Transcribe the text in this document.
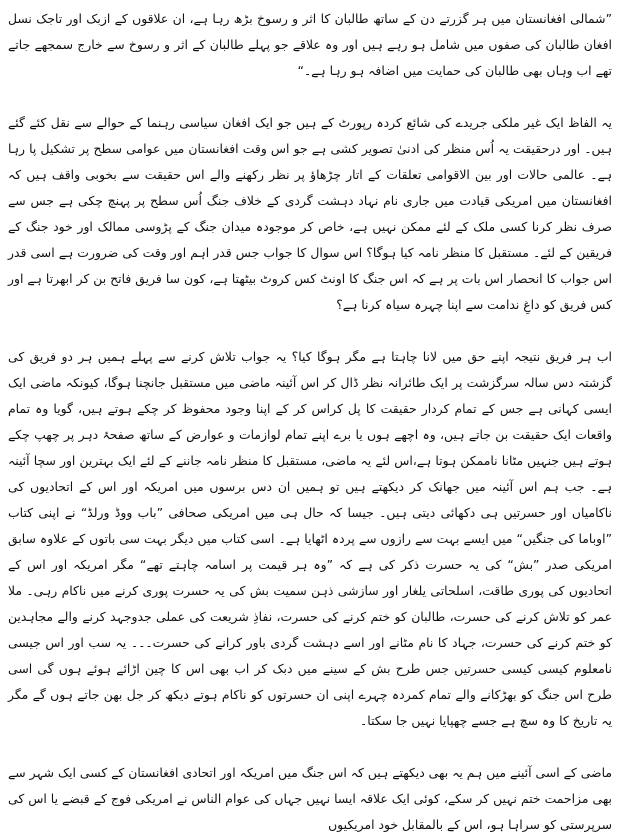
”شمالی افغانستان میں ہر گزرتے دن کے ساتھ طالبان کا اثر و رسوخ بڑھ رہا ہے، ان علاقوں کے ازبک اور تاجک نسل افغان طالبان کی صفوں میں شامل ہو رہے ہیں اور وہ علاقے جو پہلے طالبان کے اثر و رسوخ سے خارج سمجھے جاتے تھے اب وہاں بھی طالبان کی حمایت میں اضافہ ہو رہا ہے۔“

یہ الفاظ ایک غیر ملکی جریدے کی شائع کردہ رپورٹ کے ہیں جو ایک افغان سیاسی رہنما کے حوالے سے نقل کئے گئے ہیں۔ اور درحقیقت یہ اُس منظر کی ادنیٰ تصویر کشی ہے جو اس وقت افغانستان میں عوامی سطح پر تشکیل پا رہا ہے۔ عالمی حالات اور بین الاقوامی تعلقات کے اتار چڑھاؤ پر نظر رکھنے والے اس حقیقت سے بخوبی واقف ہیں کہ افغانستان میں امریکی قیادت میں جاری نام نہاد دہشت گردی کے خلاف جنگ اُس سطح پر پہنچ چکی ہے جس سے صرف نظر کرنا کسی ملک کے لئے ممکن نہیں ہے، خاص کر موجودہ میدان جنگ کے پڑوسی ممالک اور خود جنگ کے فریقین کے لئے۔ مستقبل کا منظر نامہ کیا ہوگا؟ اس سوال کا جواب جس قدر اہم اور وقت کی ضرورت ہے اسی قدر اس جواب کا انحصار اس بات پر ہے کہ اس جنگ کا اونٹ کس کروٹ بیٹھتا ہے، کون سا فریق فاتح بن کر ابھرتا ہے اور کس فریق کو داغِ ندامت سے اپنا چہرہ سیاہ کرنا ہے؟

اب ہر فریق نتیجہ اپنے حق میں لانا چاہتا ہے مگر ہوگا کیا؟ یہ جواب تلاش کرنے سے پہلے ہمیں ہر دو فریق کی گزشتہ دس سالہ سرگزشت پر ایک طائرانہ نظر ڈال کر اس آئینہ ماضی میں مستقبل جانچنا ہوگا، کیونکہ ماضی ایک ایسی کہانی ہے جس کے تمام کردار حقیقت کا پل کراس کر کے اپنا وجود محفوظ کر چکے ہوتے ہیں، گویا وہ تمام واقعات ایک حقیقت بن جاتے ہیں، وہ اچھے ہوں یا برے اپنے تمام لوازمات و عوارض کے ساتھ صفحۂ دہر پر چھپ چکے ہوتے ہیں جنہیں مٹانا ناممکن ہوتا ہے،اس لئے یہ ماضی، مستقبل کا منظر نامہ جاننے کے لئے ایک بہترین اور سچا آئینہ ہے۔ جب ہم اس آئینہ میں جھانک کر دیکھتے ہیں تو ہمیں ان دس برسوں میں امریکہ اور اس کے اتحادیوں کی ناکامیاں اور حسرتیں ہی دکھائی دیتی ہیں۔ جیسا کہ حال ہی میں امریکی صحافی ”باب ووڈ ورلڈ“ نے اپنی کتاب ”اوباما کی جنگیں“ میں ایسے بہت سے رازوں سے پردہ اٹھایا ہے۔ اسی کتاب میں دیگر بہت سی باتوں کے علاوہ سابق امریکی صدر ”بش“ کی یہ حسرت ذکر کی ہے کہ ”وہ ہر قیمت پر اسامہ چاہتے تھے“ مگر امریکہ اور اس کے اتحادیوں کی پوری طاقت، اسلحاتی یلغار اور سازشی ذہن سمیت بش کی یہ حسرت پوری کرنے میں ناکام رہی۔ ملا عمر کو تلاش کرنے کی حسرت، طالبان کو ختم کرنے کی حسرت، نفاذِ شریعت کی عملی جدوجہد کرنے والے مجاہدین کو ختم کرنے کی حسرت، جہاد کا نام مٹانے اور اسے دہشت گردی باور کرانے کی حسرت۔۔۔ یہ سب اور اس جیسی نامعلوم کیسی کیسی حسرتیں جس طرح بش کے سینے میں دبک کر اب بھی اس کا چین اڑائے ہوئے ہوں گی اسی طرح اس جنگ کو بھڑکانے والے تمام کمردہ چہرے اپنی ان حسرتوں کو ناکام ہوتے دیکھ کر جل بھن جاتے ہوں گے مگر یہ تاریخ کا وہ سچ ہے جسے چھپایا نہیں جا سکتا۔

ماضی کے اسی آئینے میں ہم یہ بھی دیکھتے ہیں کہ اس جنگ میں امریکہ اور اتحادی افغانستان کے کسی ایک شہر سے بھی مزاحمت ختم نہیں کر سکے، کوئی ایک علاقہ ایسا نہیں جہاں کی عوام الناس نے امریکی فوج کے قبضے یا اس کی سرپرستی کو سراہا ہو، اس کے بالمقابل خود امریکیوں
